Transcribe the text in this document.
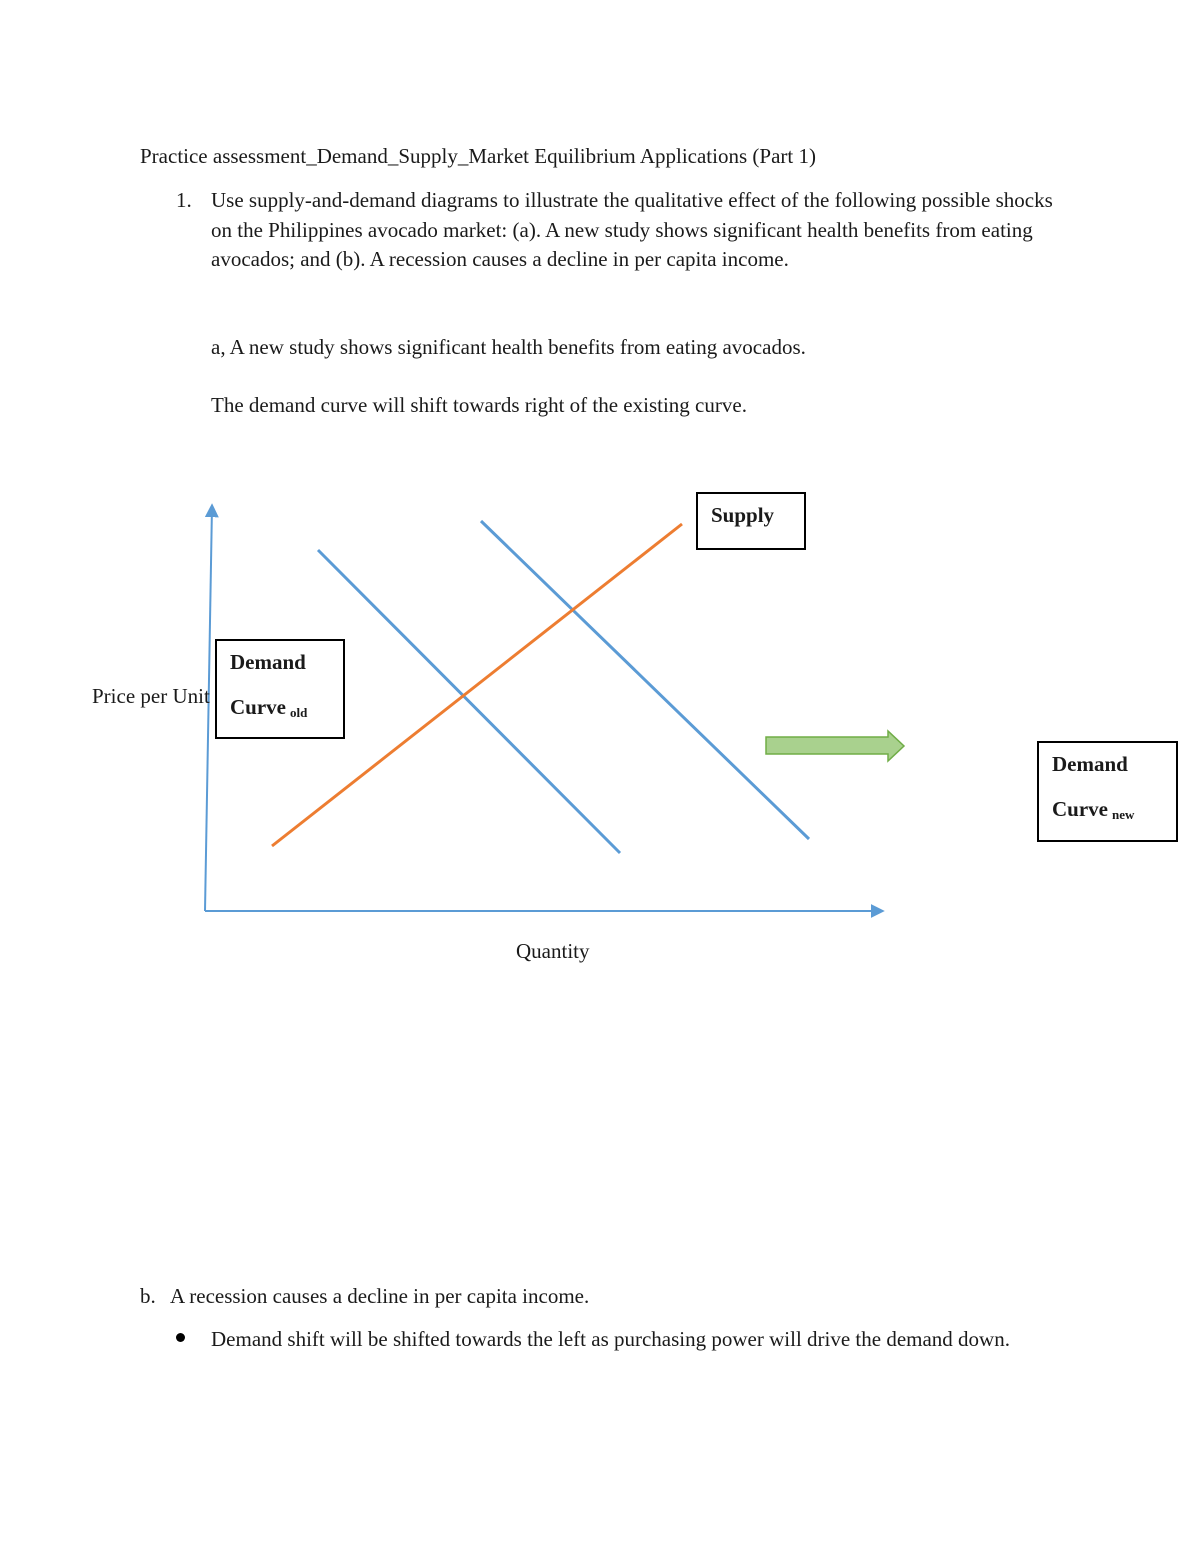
Practice assessment_Demand_Supply_Market Equilibrium Applications (Part 1)
1. Use supply-and-demand diagrams to illustrate the qualitative effect of the following possible shocks on the Philippines avocado market: (a). A new study shows significant health benefits from eating avocados; and (b). A recession causes a decline in per capita income.
a, A new study shows significant health benefits from eating avocados.
The demand curve will shift towards right of the existing curve.
Price per Unit
Quantity
Supply
Demand
Curve $_{old}$
Demand
Curve $_{new}$
b. A recession causes a decline in per capita income.
Demand shift will be shifted towards the left as purchasing power will drive the demand down.
